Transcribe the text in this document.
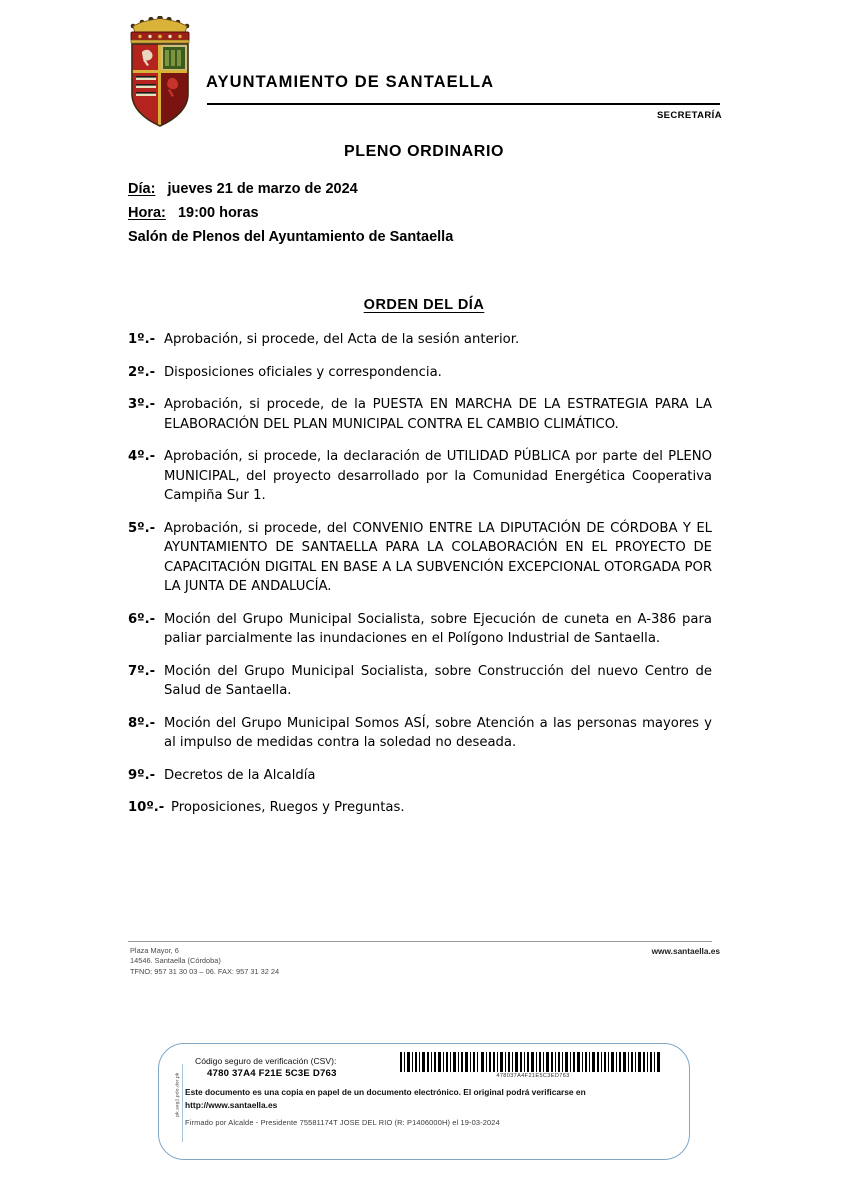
AYUNTAMIENTO DE SANTAELLA
SECRETARÍA
PLENO ORDINARIO
Día: jueves 21 de marzo de 2024
Hora: 19:00 horas
Salón de Plenos del Ayuntamiento de Santaella
ORDEN DEL DÍA
1º.- Aprobación, si procede, del Acta de la sesión anterior.
2º.- Disposiciones oficiales y correspondencia.
3º.- Aprobación, si procede, de la PUESTA EN MARCHA DE LA ESTRATEGIA PARA LA ELABORACIÓN DEL PLAN MUNICIPAL CONTRA EL CAMBIO CLIMÁTICO.
4º.- Aprobación, si procede, la declaración de UTILIDAD PÚBLICA por parte del PLENO MUNICIPAL, del proyecto desarrollado por la Comunidad Energética Cooperativa Campiña Sur 1.
5º.- Aprobación, si procede, del CONVENIO ENTRE LA DIPUTACIÓN DE CÓRDOBA Y EL AYUNTAMIENTO DE SANTAELLA PARA LA COLABORACIÓN EN EL PROYECTO DE CAPACITACIÓN DIGITAL EN BASE A LA SUBVENCIÓN EXCEPCIONAL OTORGADA POR LA JUNTA DE ANDALUCÍA.
6º.- Moción del Grupo Municipal Socialista, sobre Ejecución de cuneta en A-386 para paliar parcialmente las inundaciones en el Polígono Industrial de Santaella.
7º.- Moción del Grupo Municipal Socialista, sobre Construcción del nuevo Centro de Salud de Santaella.
8º.- Moción del Grupo Municipal Somos ASÍ, sobre Atención a las personas mayores y al impulso de medidas contra la soledad no deseada.
9º.- Decretos de la Alcaldía
10º.- Proposiciones, Ruegos y Preguntas.
Plaza Mayor, 6
14546. Santaella (Córdoba)
TFNO: 957 31 30 03 – 06. FAX: 957 31 32 24
www.santaella.es
pk.seg2.pdo.der.pk
Código seguro de verificación (CSV):
4780 37A4 F21E 5C3E D763	478037A4F21E5C3ED763
Este documento es una copia en papel de un documento electrónico. El original podrá verificarse en http://www.santaella.es
Firmado por Alcalde - Presidente 75581174T JOSE DEL RIO (R: P1406000H) el 19-03-2024
